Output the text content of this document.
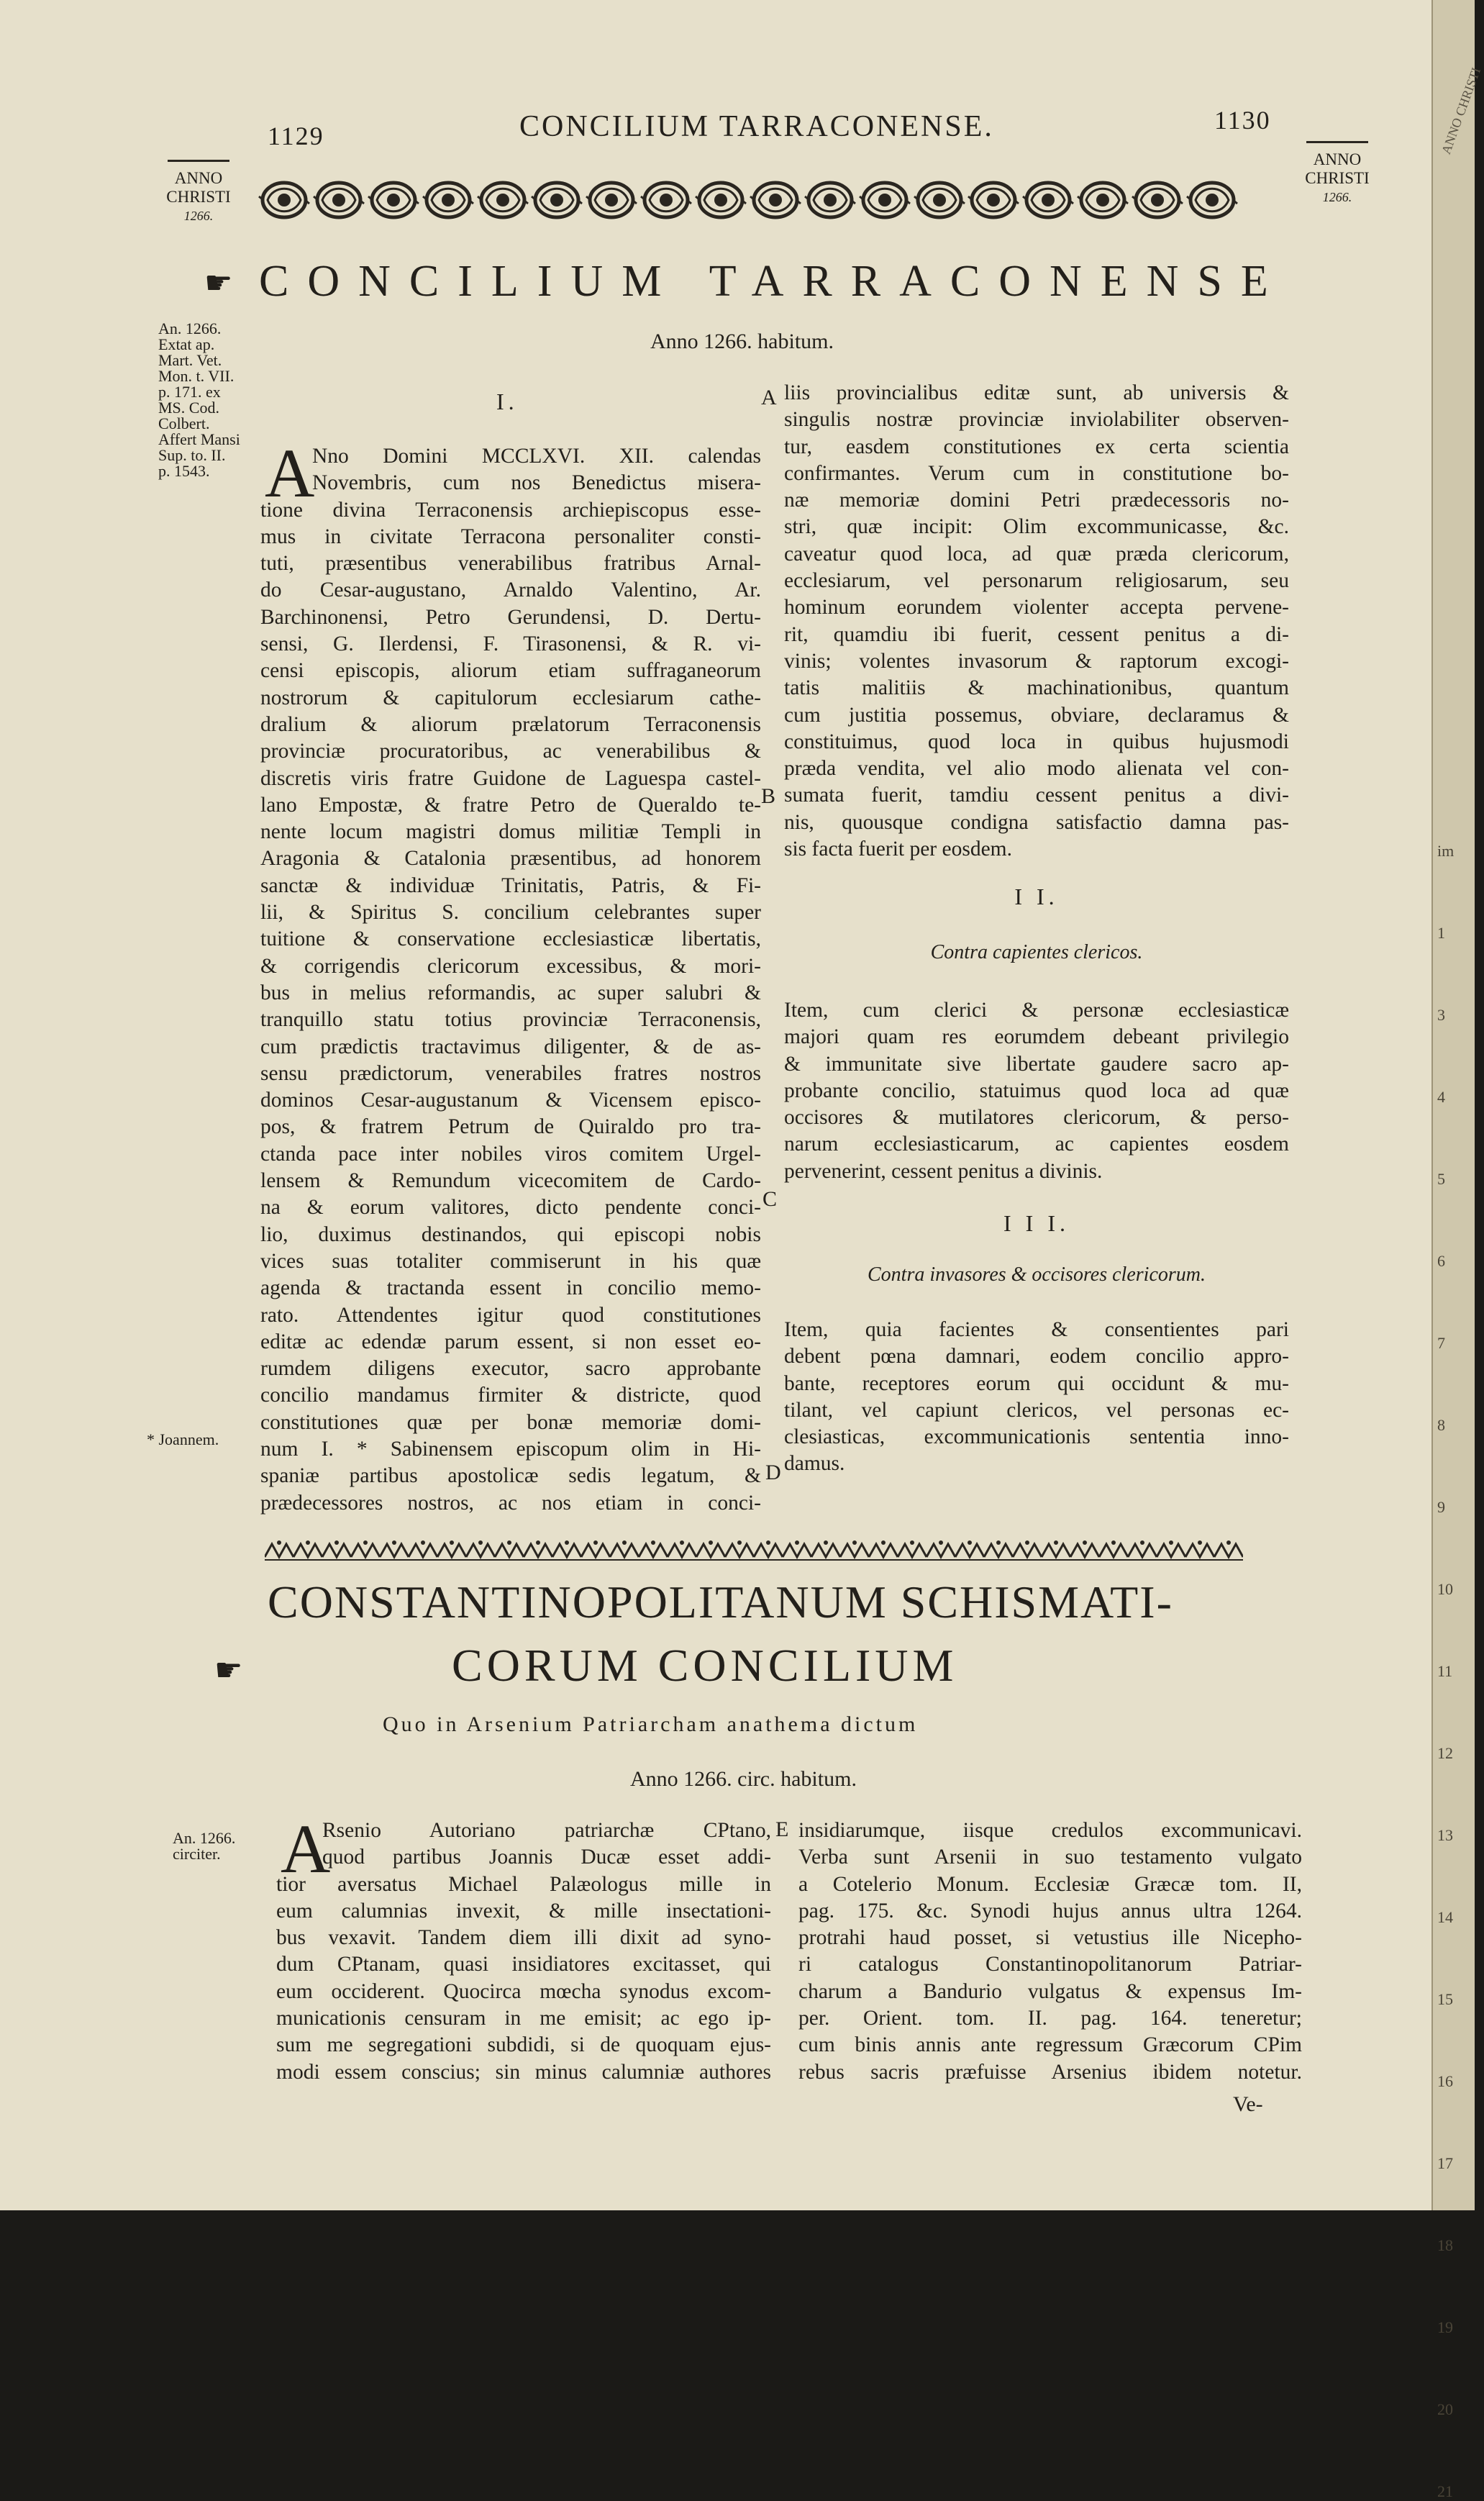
1129	CONCILIUM TARRACONENSE.	1130
ANNO
CHRISTI
1266.
ANNO
CHRISTI
1266.
☛ CONCILIUM TARRACONENSE
Anno 1266. habitum.
An. 1266.
Extat ap.
Mart. Vet.
Mon. t. VII.
p. 171. ex
MS. Cod.
Colbert.
Affert Mansi
Sup. to. II.
p. 1543.
* Joannem.
I.
A

Nno Domini MCCLXVI. XII. calendas

Novembris, cum nos Benedictus misera-

tione divina Terraconensis archiepiscopus esse-

mus in civitate Terracona personaliter consti-

tuti, præsentibus venerabilibus fratribus Arnal-

do Cesar-augustano, Arnaldo Valentino, Ar.

Barchinonensi, Petro Gerundensi, D. Dertu-

sensi, G. Ilerdensi, F. Tirasonensi, & R. vi-

censi episcopis, aliorum etiam suffraganeorum

nostrorum & capitulorum ecclesiarum cathe-

dralium & aliorum prælatorum Terraconensis

provinciæ procuratoribus, ac venerabilibus &

discretis viris fratre Guidone de Laguespa castel-

lano Empostæ, & fratre Petro de Queraldo te-

nente locum magistri domus militiæ Templi in

Aragonia & Catalonia præsentibus, ad honorem

sanctæ & individuæ Trinitatis, Patris, & Fi-

lii, & Spiritus S. concilium celebrantes super

tuitione & conservatione ecclesiasticæ libertatis,

& corrigendis clericorum excessibus, & mori-

bus in melius reformandis, ac super salubri &

tranquillo statu totius provinciæ Terraconensis,

cum prædictis tractavimus diligenter, & de as-

sensu prædictorum, venerabiles fratres nostros

dominos Cesar-augustanum & Vicensem episco-

pos, & fratrem Petrum de Quiraldo pro tra-

ctanda pace inter nobiles viros comitem Urgel-

lensem & Remundum vicecomitem de Cardo-

na & eorum valitores, dicto pendente conci-

lio, duximus destinandos, qui episcopi nobis

vices suas totaliter commiserunt in his quæ

agenda & tractanda essent in concilio memo-

rato. Attendentes igitur quod constitutiones

editæ ac edendæ parum essent, si non esset eo-

rumdem diligens executor, sacro approbante

concilio mandamus firmiter & districte, quod

constitutiones quæ per bonæ memoriæ domi-

num I. * Sabinensem episcopum olim in Hi-

spaniæ partibus apostolicæ sedis legatum, &

prædecessores nostros, ac nos etiam in conci-

A
B
C
D

liis provincialibus editæ sunt, ab universis &

singulis nostræ provinciæ inviolabiliter observen-

tur, easdem constitutiones ex certa scientia

confirmantes. Verum cum in constitutione bo-

næ memoriæ domini Petri prædecessoris no-

stri, quæ incipit: Olim excommunicasse, &c.

caveatur quod loca, ad quæ præda clericorum,

ecclesiarum, vel personarum religiosarum, seu

hominum eorundem violenter accepta pervene-

rit, quamdiu ibi fuerit, cessent penitus a di-

vinis; volentes invasorum & raptorum excogi-

tatis malitiis & machinationibus, quantum

cum justitia possemus, obviare, declaramus &

constituimus, quod loca in quibus hujusmodi

præda vendita, vel alio modo alienata vel con-

sumata fuerit, tamdiu cessent penitus a divi-

nis, quousque condigna satisfactio damna pas-

sis facta fuerit per eosdem.

I I.
Contra capientes clericos.

Item, cum clerici & personæ ecclesiasticæ

majori quam res eorumdem debeant privilegio

& immunitate sive libertate gaudere sacro ap-

probante concilio, statuimus quod loca ad quæ

occisores & mutilatores clericorum, & perso-

narum ecclesiasticarum, ac capientes eosdem

pervenerint, cessent penitus a divinis.

I I I.
Contra invasores & occisores clericorum.

Item, quia facientes & consentientes pari

debent pœna damnari, eodem concilio appro-

bante, receptores eorum qui occidunt & mu-

tilant, vel capiunt clericos, vel personas ec-

clesiasticas, excommunicationis sententia inno-

damus.

CONSTANTINOPOLITANUM SCHISMATI-
☛	CORUM CONCILIUM
Quo in Arsenium Patriarcham anathema dictum
Anno 1266. circ. habitum.
An. 1266.
circiter. A

Rsenio Autoriano patriarchæ CPtano,

quod partibus Joannis Ducæ esset addi-

tior aversatus Michael Palæologus mille in

eum calumnias invexit, & mille insectationi-

bus vexavit. Tandem diem illi dixit ad syno-

dum CPtanam, quasi insidiatores excitasset, qui

eum occiderent. Quocirca mœcha synodus excom-

municationis censuram in me emisit; ac ego ip-

sum me segregationi subdidi, si de quoquam ejus-

modi essem conscius; sin minus calumniæ authores

E insidiarumque, iisque credulos excommunicavi.

Verba sunt Arsenii in suo testamento vulgato

a Cotelerio Monum. Ecclesiæ Græcæ tom. II,

pag. 175. &c. Synodi hujus annus ultra 1264.

protrahi haud posset, si vetustius ille Nicepho-

ri catalogus Constantinopolitanorum Patriar-

charum a Bandurio vulgatus & expensus Im-

per. Orient. tom. II. pag. 164. teneretur;

cum binis annis ante regressum Græcorum CPim

rebus sacris præfuisse Arsenius ibidem notetur.

Ve-
ANNO CHRISTI
im
1
3
4
5
6
7
8
9
10
11
12
13
14
15
16
17
18
19
20
21
